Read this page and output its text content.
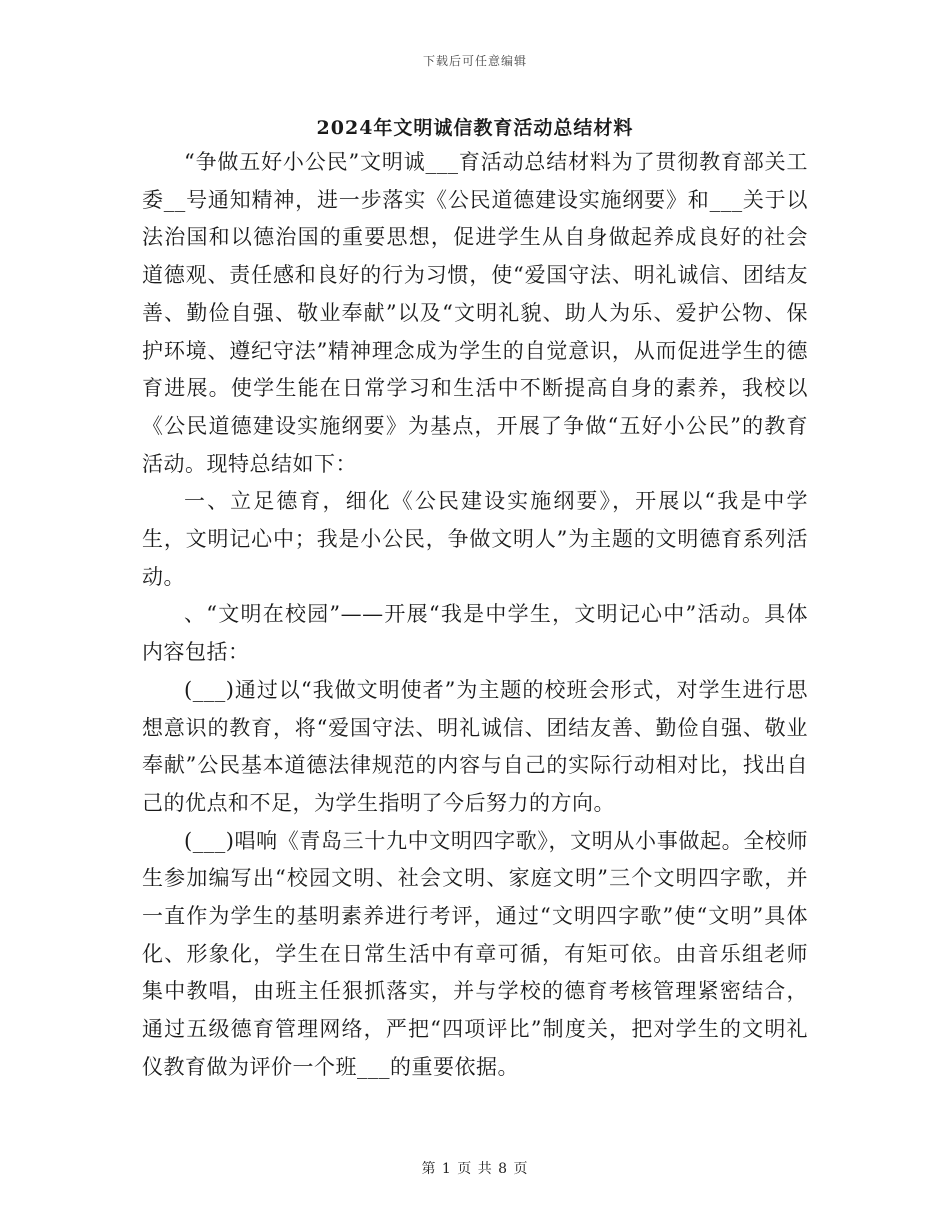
下载后可任意编辑
2024年文明诚信教育活动总结材料

“争做五好小公民”文明诚___育活动总结材料为了贯彻教育部关工委__号通知精神，进一步落实《公民道德建设实施纲要》和___关于以法治国和以德治国的重要思想，促进学生从自身做起养成良好的社会道德观、责任感和良好的行为习惯，使“爱国守法、明礼诚信、团结友善、勤俭自强、敬业奉献”以及“文明礼貌、助人为乐、爱护公物、保护环境、遵纪守法”精神理念成为学生的自觉意识，从而促进学生的德育进展。使学生能在日常学习和生活中不断提高自身的素养，我校以《公民道德建设实施纲要》为基点，开展了争做“五好小公民”的教育活动。现特总结如下：

一、立足德育，细化《公民建设实施纲要》，开展以“我是中学生，文明记心中；我是小公民，争做文明人”为主题的文明德育系列活动。

、“文明在校园”——开展“我是中学生，文明记心中”活动。具体内容包括：

(___)通过以“我做文明使者”为主题的校班会形式，对学生进行思想意识的教育，将“爱国守法、明礼诚信、团结友善、勤俭自强、敬业奉献”公民基本道德法律规范的内容与自己的实际行动相对比，找出自己的优点和不足，为学生指明了今后努力的方向。

(___)唱响《青岛三十九中文明四字歌》，文明从小事做起。全校师生参加编写出“校园文明、社会文明、家庭文明”三个文明四字歌，并一直作为学生的基明素养进行考评，通过“文明四字歌”使“文明”具体化、形象化，学生在日常生活中有章可循，有矩可依。由音乐组老师集中教唱，由班主任狠抓落实，并与学校的德育考核管理紧密结合，通过五级德育管理网络，严把“四项评比”制度关，把对学生的文明礼仪教育做为评价一个班___的重要依据。

第 1 页 共 8 页
